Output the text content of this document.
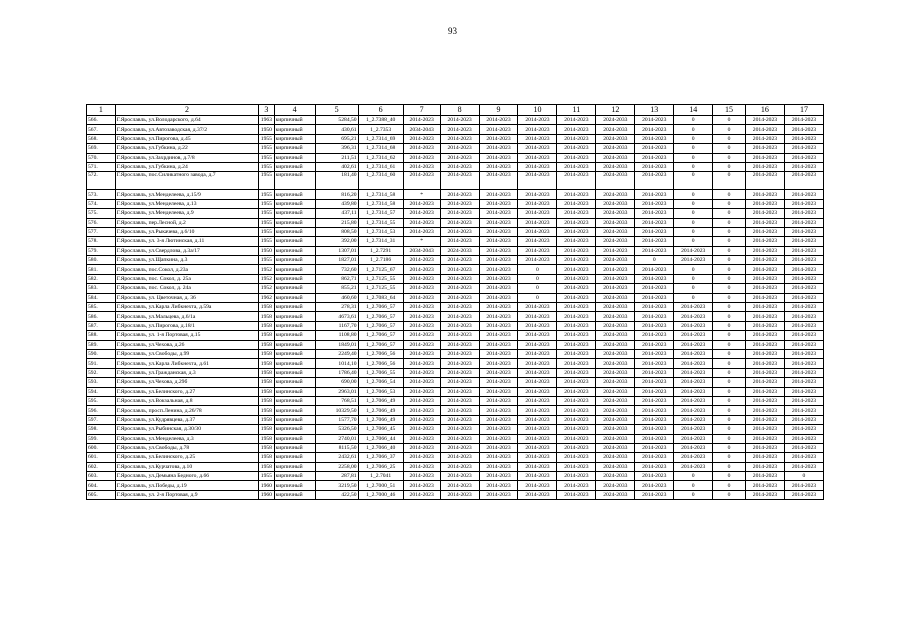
93
1	2	3	4	5	6	7	8	9	10	11	12	13	14	15	16	17
566.	Г.Ярославль, ул.Володарского, д.64	1963	кирпичный	5284,50	1_2.7388_40	2014-2023	2014-2023	2014-2023	2014-2023	2014-2023	2024-2033	2014-2023	0	0	2014-2023	2014-2023
567.	Г.Ярославль, ул.Автозаводская, д.37/2	1950	кирпичный	430,61	1_2.7353	2034-2043	2014-2023	2014-2023	2014-2023	2014-2023	2024-2033	2014-2023	0	0	2014-2023	2014-2023
568.	Г.Ярославль, ул.Пирогова, д.45	1955	кирпичный	695,21	1_2.7314_69	2014-2023	2014-2023	2014-2023	2014-2023	2014-2023	2024-2033	2014-2023	0	0	2014-2023	2014-2023
569.	Г.Ярославль, ул.Губкина, д.22	1955	кирпичный	396,31	1_2.7314_68	2014-2023	2014-2023	2014-2023	2014-2023	2014-2023	2024-2033	2014-2023	0	0	2014-2023	2014-2023
570.	Г.Ярославль, ул.Захрдинов, д.7/8	1955	кирпичный	211,51	1_2.7314_62	2014-2023	2014-2023	2014-2023	2014-2023	2014-2023	2024-2033	2014-2023	0	0	2014-2023	2014-2023
571.	Г.Ярославль, ул.Губкина, д.24	1955	кирпичный	402,61	1_2.7314_61	2014-2023	2014-2023	2014-2023	2014-2023	2014-2023	2024-2033	2014-2023	0	0	2014-2023	2014-2023
572.	Г.Ярославль, пос.Силикатного завода, д.7	1955	кирпичный	181,40	1_2.7314_60	2014-2023	2014-2023	2014-2023	2014-2023	2014-2023	2024-2033	2014-2023	0	0	2014-2023	2014-2023
573.	Г.Ярославль, ул.Менделеева, д.15/9	1955	кирпичный	816,20	1_2.7314_58	*	2014-2023	2014-2023	2014-2023	2014-2023	2024-2033	2014-2023	0	0	2014-2023	2014-2023
574.	Г.Ярославль, ул.Менделеева, д.13	1955	кирпичный	439,80	1_2.7314_58	2014-2023	2014-2023	2014-2023	2014-2023	2014-2023	2024-2033	2014-2023	0	0	2014-2023	2014-2023
575.	Г.Ярославль, ул.Менделеева, д.9	1955	кирпичный	437,11	1_2.7314_57	2014-2023	2014-2023	2014-2023	2014-2023	2014-2023	2024-2033	2014-2023	0	0	2014-2023	2014-2023
576.	Г.Ярославль, пер.Лесной, д.2	1955	кирпичный	215,80	1_2.7314_55	2014-2023	2014-2023	2014-2023	2014-2023	2014-2023	2024-2033	2014-2023	0	0	2014-2023	2014-2023
577.	Г.Ярославль, ул.Рыкачева, д.6/10	1955	кирпичный	808,50	1_2.7314_53	2014-2023	2014-2023	2014-2023	2014-2023	2014-2023	2024-2033	2014-2023	0	0	2014-2023	2014-2023
578.	Г.Ярославль, ул. 3-я Лютинская, д.11	1955	кирпичный	392,00	1_2.7314_31	*	2014-2023	2014-2023	2014-2023	2014-2023	2024-2033	2014-2023	0	0	2014-2023	2014-2023
579.	Г.Ярославль, ул.Свердлова, д.3а/17	1950	кирпичный	1307,01	1_2.7291	2034-2043	2024-2033	2014-2023	2014-2023	2014-2023	2014-2023	2014-2023	2014-2023	0	2014-2023	2014-2023
580.	Г.Ярославль, ул.Щапкина, д.3	1955	кирпичный	1827,01	1_2.7186	2014-2023	2014-2023	2014-2023	2014-2023	2014-2023	2024-2033	0	2014-2023	0	2014-2023	2014-2023
581.	Г.Ярославль, пос.Сокол, д.23а	1952	кирпичный	732,60	1_2.7125_67	2014-2023	2014-2023	2014-2023	0	2014-2023	2014-2023	2014-2023	0	0	2014-2023	2014-2023
582.	Г.Ярославль, пос. Сокол, д. 25а	1952	кирпичный	862,71	1_2.7125_55	2014-2023	2014-2023	2014-2023	0	2014-2023	2014-2023	2014-2023	0	0	2014-2023	2014-2023
583.	Г.Ярославль, пос. Сокол, д. 24а	1952	кирпичный	855,21	1_2.7125_55	2014-2023	2014-2023	2014-2023	0	2014-2023	2014-2023	2014-2023	0	0	2014-2023	2014-2023
584.	Г.Ярославль, ул. Цветочная, д. 36	1962	кирпичный	460,60	1_2.7083_64	2014-2023	2014-2023	2014-2023	0	2014-2023	2024-2033	2014-2023	0	0	2014-2023	2014-2023
585.	Г.Ярославль, ул.Карла Либкнехта, д.59а	1958	кирпичный	278,31	1_2.7066_57	2014-2023	2014-2023	2014-2023	2014-2023	2014-2023	2024-2033	2014-2023	2014-2023	0	2014-2023	2014-2023
586.	Г.Ярославль, ул.Мальцева, д.6/1а	1958	кирпичный	4673,61	1_2.7066_57	2014-2023	2014-2023	2014-2023	2014-2023	2014-2023	2024-2033	2014-2023	2014-2023	0	2014-2023	2014-2023
587.	Г.Ярославль, ул.Пирогова, д.18/1	1958	кирпичный	1167,70	1_2.7066_57	2014-2023	2014-2023	2014-2023	2014-2023	2014-2023	2024-2033	2014-2023	2014-2023	0	2014-2023	2014-2023
588.	Г.Ярославль, ул. 1-я Портовая, д.15	1958	кирпичный	1108,80	1_2.7066_57	2014-2023	2014-2023	2014-2023	2014-2023	2014-2023	2024-2033	2014-2023	2014-2023	0	2014-2023	2014-2023
589.	Г.Ярославль, ул.Чехова, д.26	1958	кирпичный	1849,01	1_2.7066_57	2014-2023	2014-2023	2014-2023	2014-2023	2014-2023	2024-2033	2014-2023	2014-2023	0	2014-2023	2014-2023
590.	Г.Ярославль, ул.Свободы, д.99	1958	кирпичный	2249,40	1_2.7066_56	2014-2023	2014-2023	2014-2023	2014-2023	2014-2023	2024-2033	2014-2023	2014-2023	0	2014-2023	2014-2023
591.	Г.Ярославль, ул.Карла Либкнехта, д.61	1958	кирпичный	1014,10	1_2.7066_56	2014-2023	2014-2023	2014-2023	2014-2023	2014-2023	2024-2033	2014-2023	2014-2023	0	2014-2023	2014-2023
592.	Г.Ярославль, ул.Гражданская, д.3	1958	кирпичный	1786,40	1_2.7066_55	2014-2023	2014-2023	2014-2023	2014-2023	2014-2023	2024-2033	2014-2023	2014-2023	0	2014-2023	2014-2023
593.	Г.Ярославль, ул.Чехова, д.29б	1958	кирпичный	690,00	1_2.7066_54	2014-2023	2014-2023	2014-2023	2014-2023	2014-2023	2024-2033	2014-2023	2014-2023	0	2014-2023	2014-2023
594.	Г.Ярославль, ул.Белинского, д.27	1958	кирпичный	2963,01	1_2.7066_53	2014-2023	2014-2023	2014-2023	2014-2023	2014-2023	2024-2033	2014-2023	2014-2023	0	2014-2023	2014-2023
595.	Г.Ярославль, ул.Вокзальная, д.8	1958	кирпичный	768,51	1_2.7066_49	2014-2023	2014-2023	2014-2023	2014-2023	2014-2023	2024-2033	2014-2023	2014-2023	0	2014-2023	2014-2023
596.	Г.Ярославль, просп.Ленина, д.26/78	1958	кирпичный	10329,50	1_2.7066_49	2014-2023	2014-2023	2014-2023	2014-2023	2014-2023	2024-2033	2014-2023	2014-2023	0	2014-2023	2014-2023
597.	Г.Ярославль, ул.Кудрявцева, д.37	1958	кирпичный	1577,70	1_2.7066_49	2014-2023	2014-2023	2014-2023	2014-2023	2014-2023	2024-2033	2014-2023	2014-2023	0	2014-2023	2014-2023
598.	Г.Ярославль, ул.Рыбинская, д.30/30	1958	кирпичный	5326,50	1_2.7066_45	2014-2023	2014-2023	2014-2023	2014-2023	2014-2023	2024-2033	2014-2023	2014-2023	0	2014-2023	2014-2023
599.	Г.Ярославль, ул.Менделеева, д.3	1958	кирпичный	2740,01	1_2.7066_44	2014-2023	2014-2023	2014-2023	2014-2023	2014-2023	2024-2033	2014-2023	2014-2023	0	2014-2023	2014-2023
600.	Г.Ярославль, ул.Свободы, д.78	1958	кирпичный	8115,50	1_2.7066_40	2014-2023	2014-2023	2014-2023	2014-2023	2014-2023	2024-2033	2014-2023	2014-2023	0	2014-2023	2014-2023
601.	Г.Ярославль, ул.Белинского, д.25	1958	кирпичный	2432,61	1_2.7066_37	2014-2023	2014-2023	2014-2023	2014-2023	2014-2023	2024-2033	2014-2023	2014-2023	0	2014-2023	2014-2023
602.	Г.Ярославль, ул.Курчатова, д.10	1958	кирпичный	2258,00	1_2.7066_25	2014-2023	2014-2023	2014-2023	2014-2023	2014-2023	2024-2033	2014-2023	2014-2023	0	2014-2023	2014-2023
603.	Г.Ярославль, ул.Демьяна Бедного, д.66	1955	кирпичный	287,81	1_2.7041	2014-2023	2014-2023	2014-2023	2014-2023	2014-2023	2024-2033	2014-2023	0	0	2014-2023	0
604.	Г.Ярославль, ул.Победы, д.19	1960	кирпичный	3219,50	1_2.7000_51	2014-2023	2014-2023	2014-2023	2014-2023	2014-2023	2024-2033	2014-2023	0	0	2014-2023	2014-2023
605.	Г.Ярославль, ул. 2-я Портовая, д.9	1960	кирпичный	422,50	1_2.7000_46	2014-2023	2014-2023	2014-2023	2014-2023	2014-2023	2024-2033	2014-2023	0	0	2014-2023	2014-2023
